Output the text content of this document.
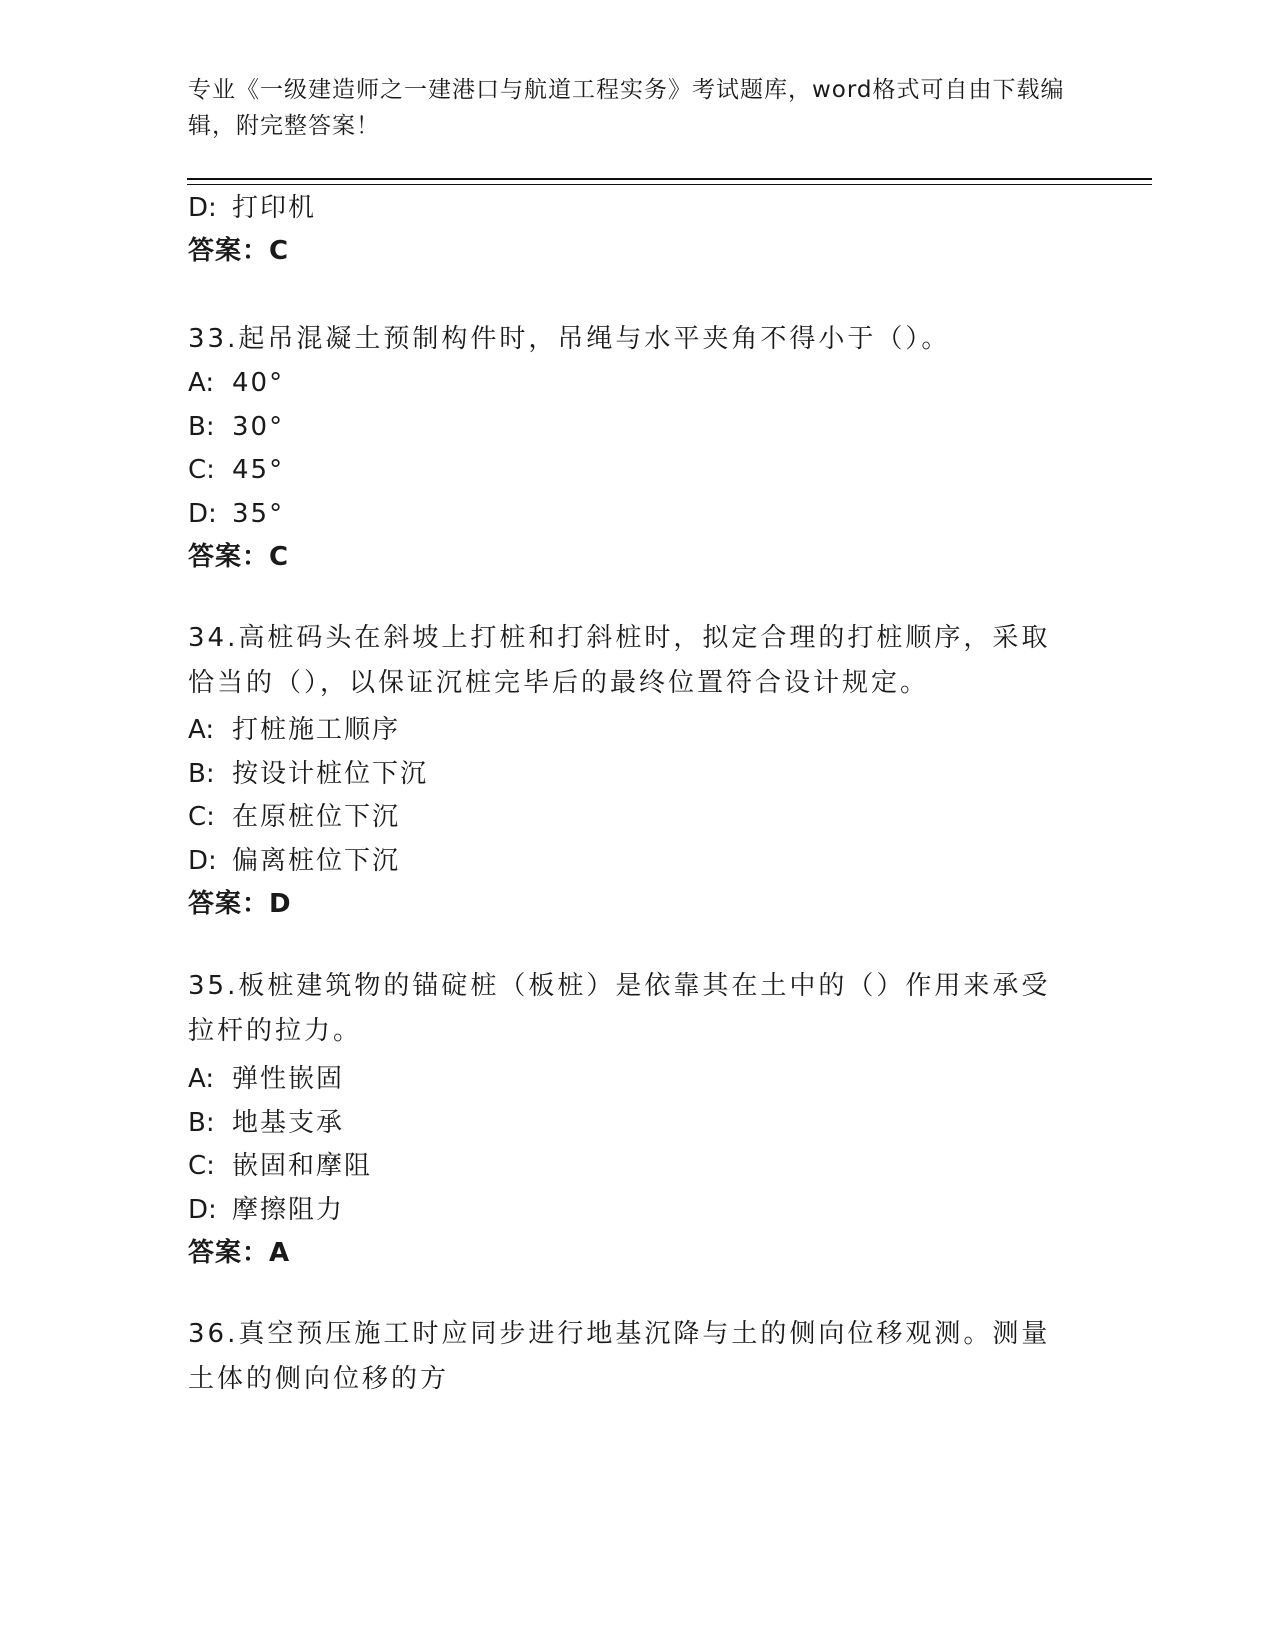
专业《一级建造师之一建港口与航道工程实务》考试题库，word格式可自由下载编辑，附完整答案！
D: 打印机
答案：C
33.起吊混凝土预制构件时，吊绳与水平夹角不得小于（）。
A: 40°
B: 30°
C: 45°
D: 35°
答案：C
34.高桩码头在斜坡上打桩和打斜桩时，拟定合理的打桩顺序，采取恰当的（），以保证沉桩完毕后的最终位置符合设计规定。
A: 打桩施工顺序
B: 按设计桩位下沉
C: 在原桩位下沉
D: 偏离桩位下沉
答案：D
35.板桩建筑物的锚碇桩（板桩）是依靠其在土中的（）作用来承受拉杆的拉力。
A: 弹性嵌固
B: 地基支承
C: 嵌固和摩阻
D: 摩擦阻力
答案：A
36.真空预压施工时应同步进行地基沉降与土的侧向位移观测。测量土体的侧向位移的方
